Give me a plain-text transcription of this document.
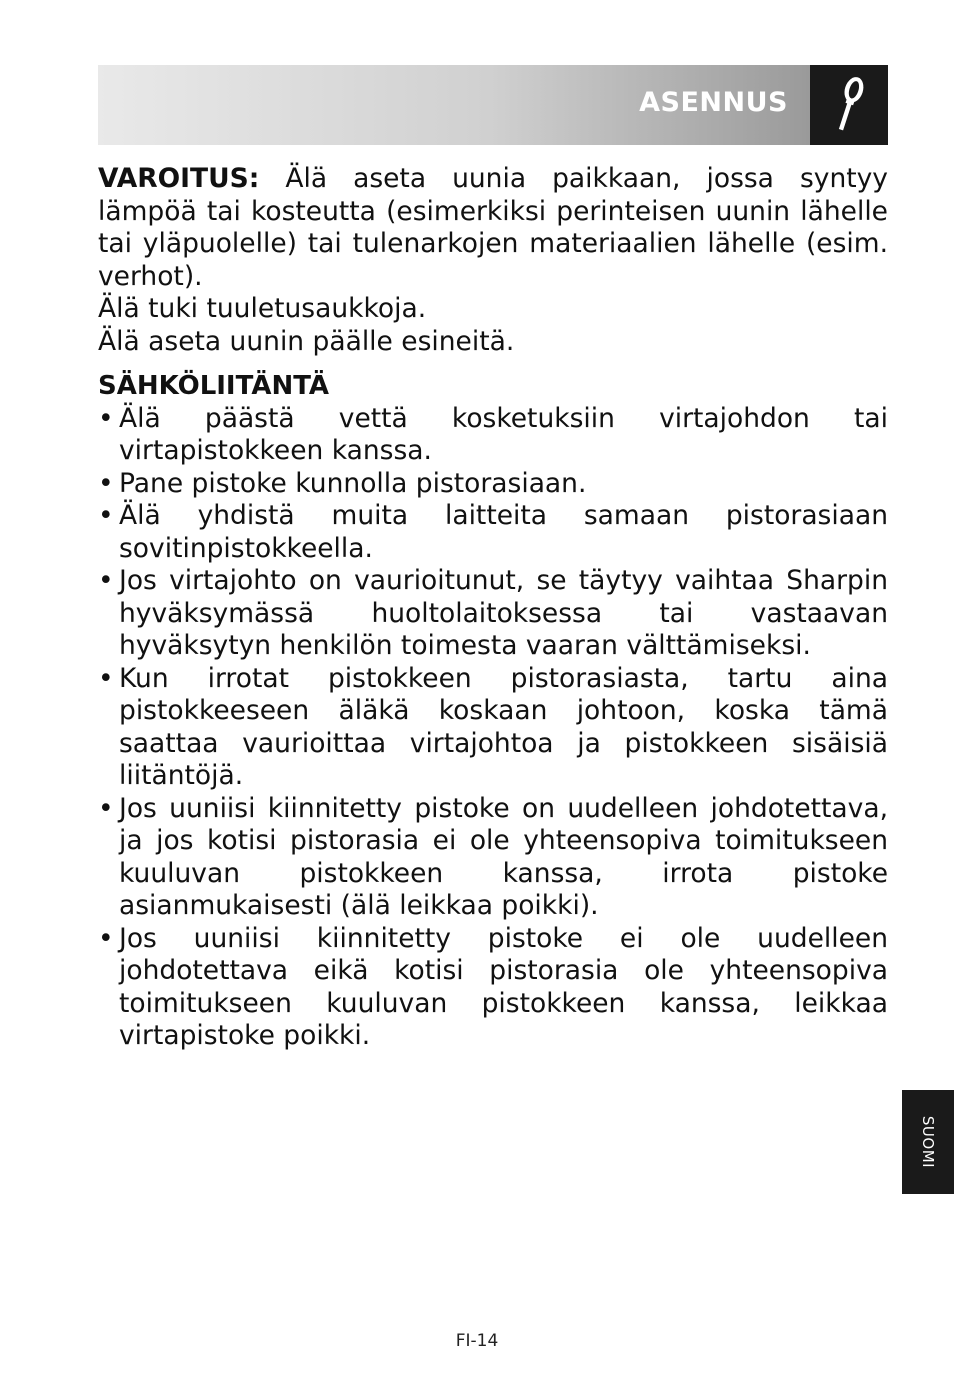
ASENNUS

VAROITUS: Älä aseta uunia paikkaan, jossa syntyy lämpöä tai kosteutta (esimerkiksi perinteisen uunin lähelle tai yläpuolelle) tai tulenarkojen materiaalien lähelle (esim. verhot).

Älä tuki tuuletusaukkoja.

Älä aseta uunin päälle esineitä.

SÄHKÖLIITÄNTÄ

• Älä päästä vettä kosketuksiin virtajohdon tai virtapistokkeen kanssa.
• Pane pistoke kunnolla pistorasiaan.
• Älä yhdistä muita laitteita samaan pistorasiaan sovitinpistokkeella.
• Jos virtajohto on vaurioitunut, se täytyy vaihtaa Sharpin hyväksymässä huoltolaitoksessa tai vastaavan hyväksytyn henkilön toimesta vaaran välttämiseksi.
• Kun irrotat pistokkeen pistorasiasta, tartu aina pistokkeeseen äläkä koskaan johtoon, koska tämä saattaa vaurioittaa virtajohtoa ja pistokkeen sisäisiä liitäntöjä.
• Jos uuniisi kiinnitetty pistoke on uudelleen johdotettava, ja jos kotisi pistorasia ei ole yhteensopiva toimitukseen kuuluvan pistokkeen kanssa, irrota pistoke asianmukaisesti (älä leikkaa poikki).
• Jos uuniisi kiinnitetty pistoke ei ole uudelleen johdotettava eikä kotisi pistorasia ole yhteensopiva toimitukseen kuuluvan pistokkeen kanssa, leikkaa virtapistoke poikki.
SUOMI
FI-14
